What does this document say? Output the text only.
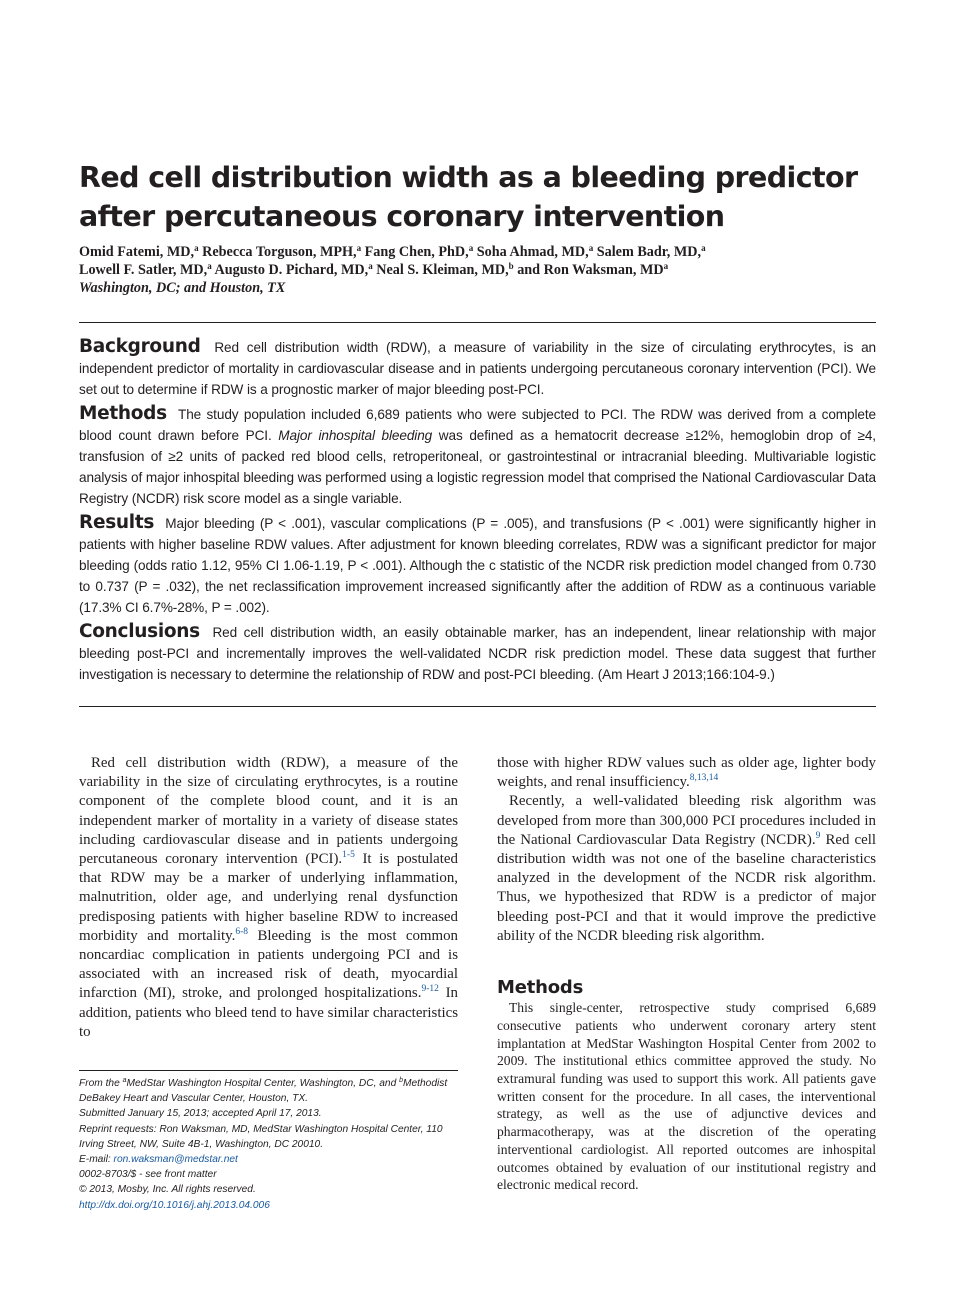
Red cell distribution width as a bleeding predictor after percutaneous coronary intervention
Omid Fatemi, MD,$^a$ Rebecca Torguson, MPH,$^a$ Fang Chen, PhD,$^a$ Soha Ahmad, MD,$^a$ Salem Badr, MD,$^a$
Lowell F. Satler, MD,$^a$ Augusto D. Pichard, MD,$^a$ Neal S. Kleiman, MD,$^b$ and Ron Waksman, $MD^a$
Washington, DC; and Houston, TX

Background Red cell distribution width (RDW), a measure of variability in the size of circulating erythrocytes, is an independent predictor of mortality in cardiovascular disease and in patients undergoing percutaneous coronary intervention (PCI). We set out to determine if RDW is a prognostic marker of major bleeding post-PCI.

Methods The study population included 6,689 patients who were subjected to PCI. The RDW was derived from a complete blood count drawn before PCI. Major inhospital bleeding was defined as a hematocrit decrease ≥12%, hemoglobin drop of ≥4, transfusion of ≥2 units of packed red blood cells, retroperitoneal, or gastrointestinal or intracranial bleeding. Multivariable logistic analysis of major inhospital bleeding was performed using a logistic regression model that comprised the National Cardiovascular Data Registry (NCDR) risk score model as a single variable.

Results Major bleeding (P < .001), vascular complications (P = .005), and transfusions (P < .001) were significantly higher in patients with higher baseline RDW values. After adjustment for known bleeding correlates, RDW was a significant predictor for major bleeding (odds ratio 1.12, 95% CI 1.06-1.19, P < .001). Although the c statistic of the NCDR risk prediction model changed from 0.730 to 0.737 (P = .032), the net reclassification improvement increased significantly after the addition of RDW as a continuous variable (17.3% CI 6.7%-28%, P = .002).

Conclusions Red cell distribution width, an easily obtainable marker, has an independent, linear relationship with major bleeding post-PCI and incrementally improves the well-validated NCDR risk prediction model. These data suggest that further investigation is necessary to determine the relationship of RDW and post-PCI bleeding. (Am Heart J 2013;166:104-9.)

Red cell distribution width (RDW), a measure of the variability in the size of circulating erythrocytes, is a routine component of the complete blood count, and it is an independent marker of mortality in a variety of disease states including cardiovascular disease and in patients undergoing percutaneous coronary intervention (PCI).$^{1-5}$ It is postulated that RDW may be a marker of underlying inflammation, malnutrition, older age, and underlying renal dysfunction predisposing patients with higher baseline RDW to increased morbidity and mortality.$^{6-8}$ Bleeding is the most common noncardiac complication in patients undergoing PCI and is associated with an increased risk of death, myocardial infarction (MI), stroke, and prolonged hospitalizations.$^{9-12}$ In addition, patients who bleed tend to have similar characteristics to

From the $^a$MedStar Washington Hospital Center, Washington, DC, and $^b$Methodist DeBakey Heart and Vascular Center, Houston, TX.
Submitted January 15, 2013; accepted April 17, 2013.
Reprint requests: Ron Waksman, MD, MedStar Washington Hospital Center, 110 Irving Street, NW, Suite 4B-1, Washington, DC 20010.
E-mail: ron.waksman@medstar.net
0002-8703/$ - see front matter
© 2013, Mosby, Inc. All rights reserved.
http://dx.doi.org/10.1016/j.ahj.2013.04.006

those with higher RDW values such as older age, lighter body weights, and renal insufficiency.$^{8,13,14}$

Recently, a well-validated bleeding risk algorithm was developed from more than 300,000 PCI procedures included in the National Cardiovascular Data Registry (NCDR).$^9$ Red cell distribution width was not one of the baseline characteristics analyzed in the development of the NCDR risk algorithm. Thus, we hypothesized that RDW is a predictor of major bleeding post-PCI and that it would improve the predictive ability of the NCDR bleeding risk algorithm.

Methods

This single-center, retrospective study comprised 6,689 consecutive patients who underwent coronary artery stent implantation at MedStar Washington Hospital Center from 2002 to 2009. The institutional ethics committee approved the study. No extramural funding was used to support this work. All patients gave written consent for the procedure. In all cases, the interventional strategy, as well as the use of adjunctive devices and pharmacotherapy, was at the discretion of the operating interventional cardiologist. All reported outcomes are inhospital outcomes obtained by evaluation of our institutional registry and electronic medical record.
